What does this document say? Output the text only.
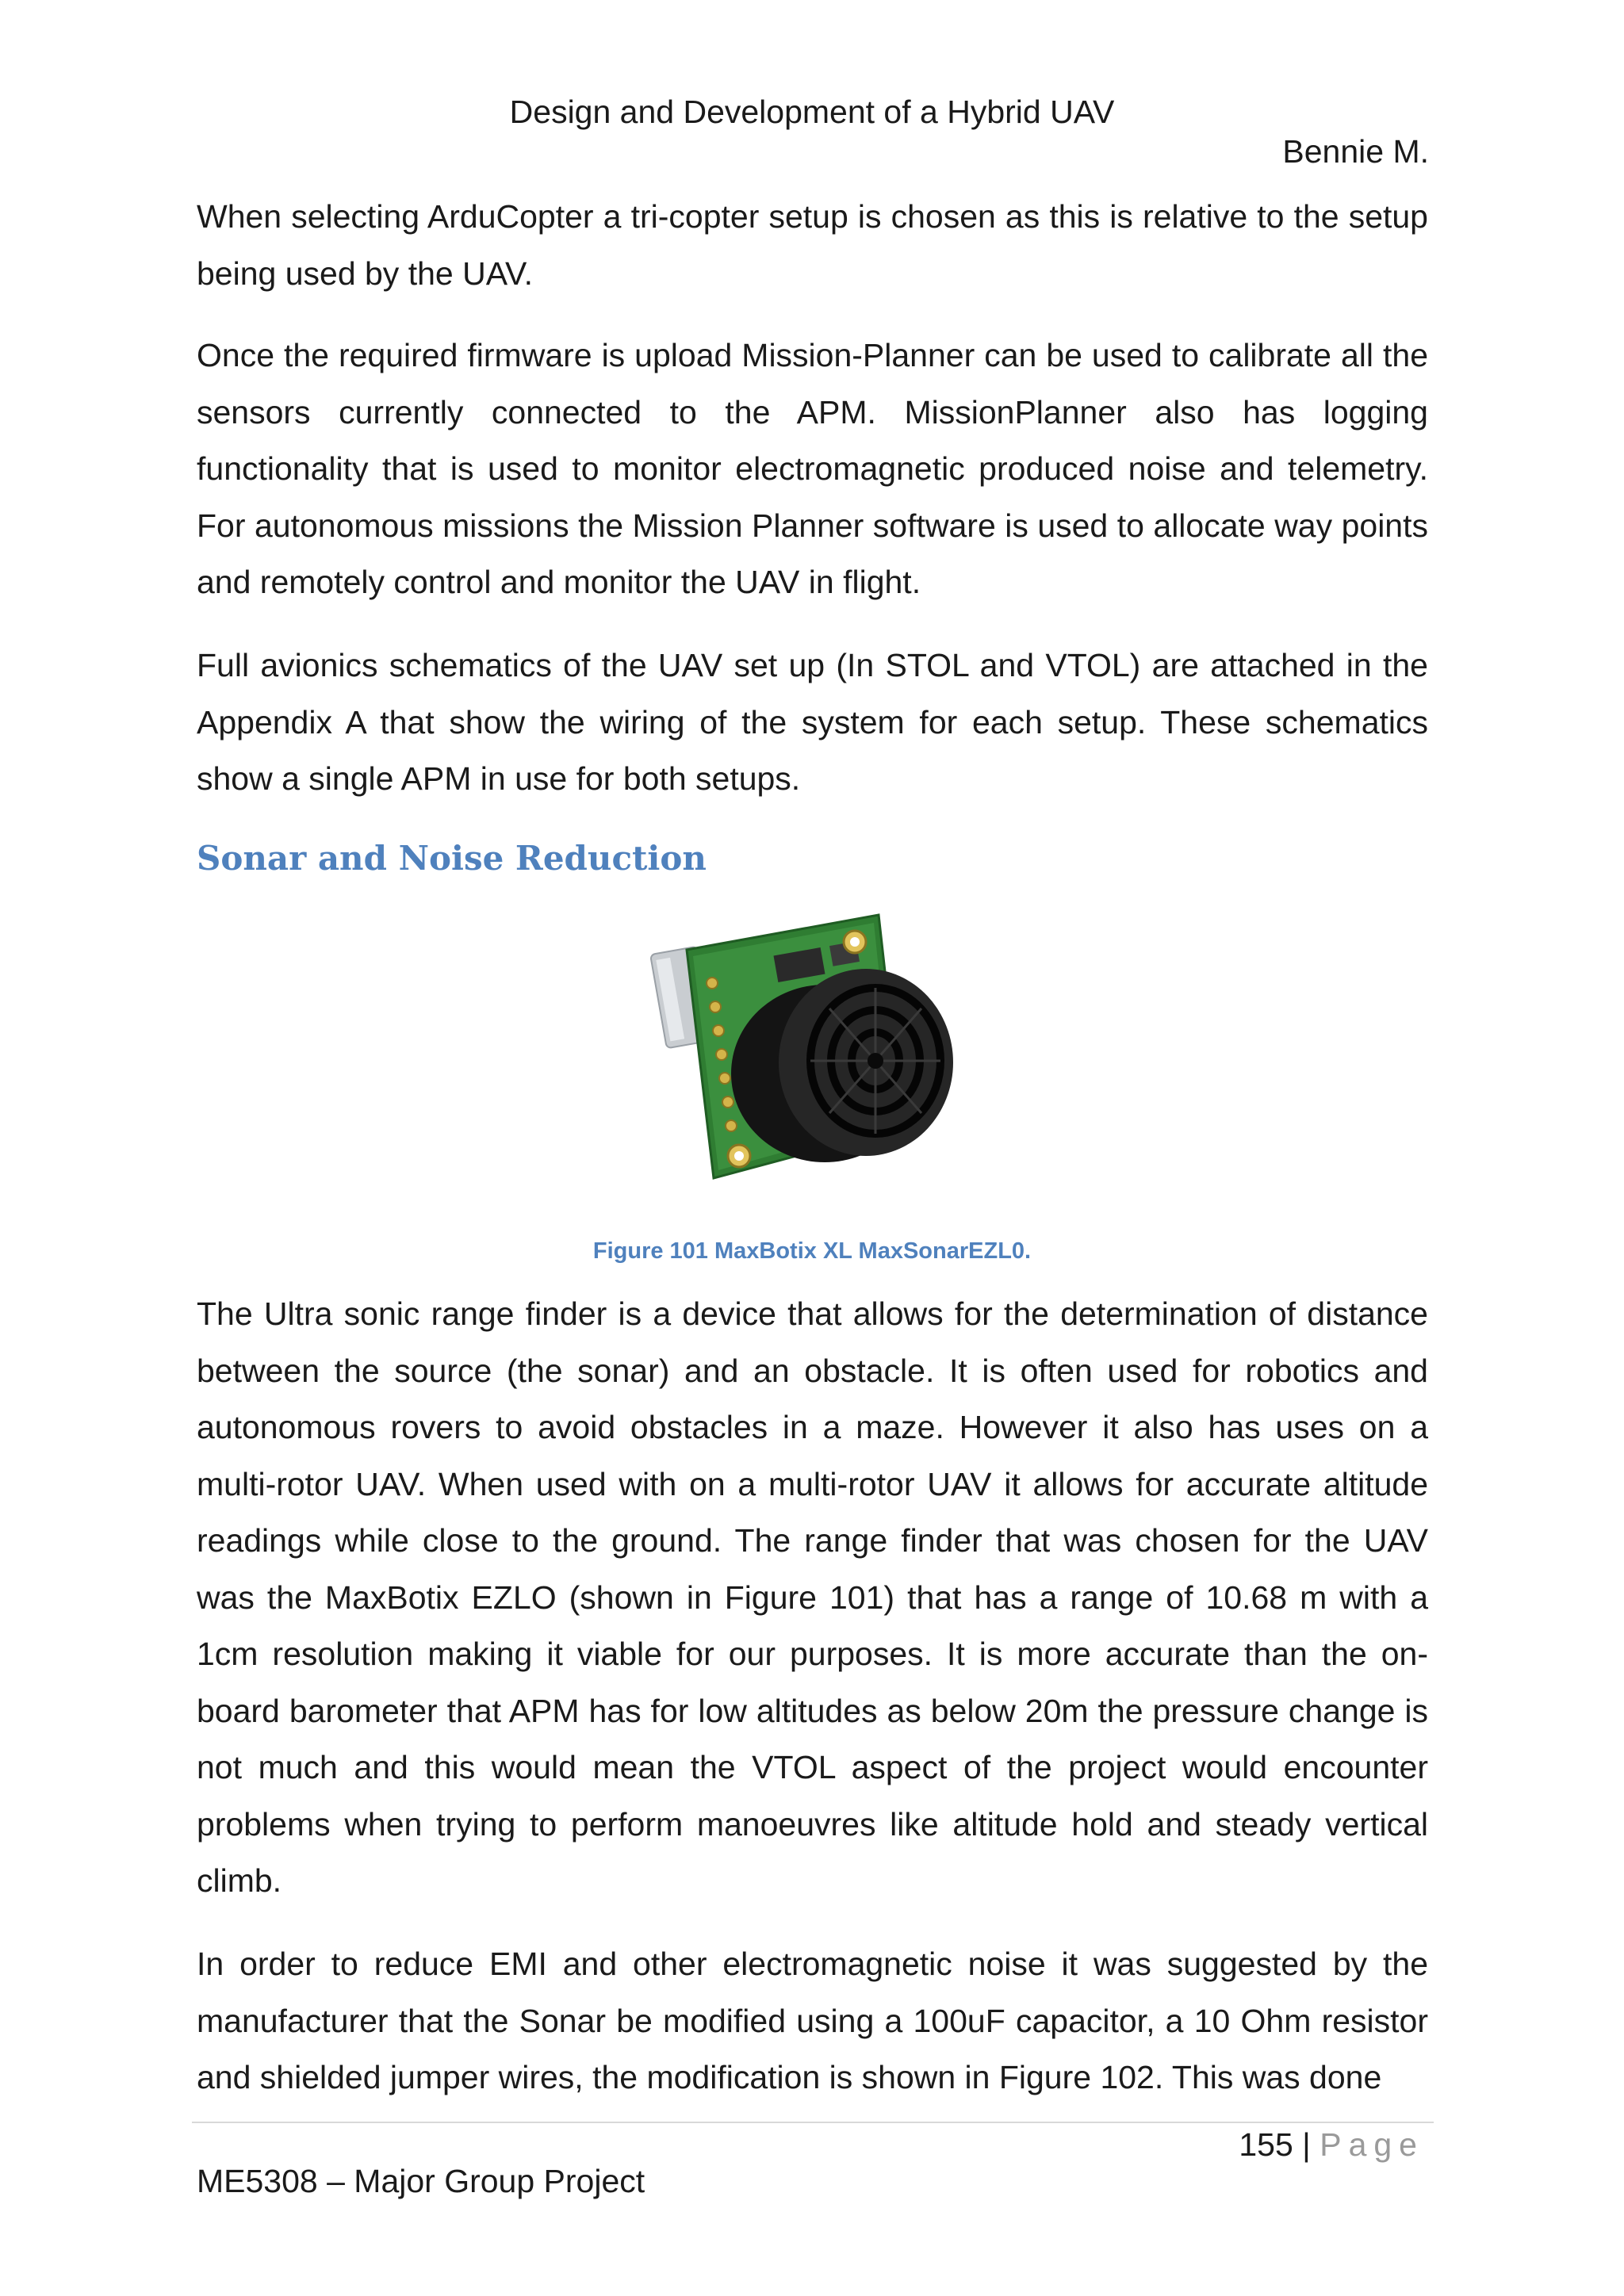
Design and Development of a Hybrid UAV
Bennie M.

When selecting ArduCopter a tri-copter setup is chosen as this is relative to the setup being used by the UAV.

Once the required firmware is upload Mission-Planner can be used to calibrate all the sensors currently connected to the APM. MissionPlanner also has logging functionality that is used to monitor electromagnetic produced noise and telemetry. For autonomous missions the Mission Planner software is used to allocate way points and remotely control and monitor the UAV in flight.

Full avionics schematics of the UAV set up (In STOL and VTOL) are attached in the Appendix A that show the wiring of the system for each setup. These schematics show a single APM in use for both setups.

Sonar and Noise Reduction
Figure 101 MaxBotix XL MaxSonarEZL0.

The Ultra sonic range finder is a device that allows for the determination of distance between the source (the sonar) and an obstacle. It is often used for robotics and autonomous rovers to avoid obstacles in a maze. However it also has uses on a multi-rotor UAV. When used with on a multi-rotor UAV it allows for accurate altitude readings while close to the ground. The range finder that was chosen for the UAV was the MaxBotix EZLO (shown in Figure 101) that has a range of 10.68 m with a 1cm resolution making it viable for our purposes. It is more accurate than the on-board barometer that APM has for low altitudes as below 20m the pressure change is not much and this would mean the VTOL aspect of the project would encounter problems when trying to perform manoeuvres like altitude hold and steady vertical climb.

In order to reduce EMI and other electromagnetic noise it was suggested by the manufacturer that the Sonar be modified using a 100uF capacitor, a 10 Ohm resistor and shielded jumper wires, the modification is shown in Figure 102. This was done

155 | Page
ME5308 – Major Group Project
